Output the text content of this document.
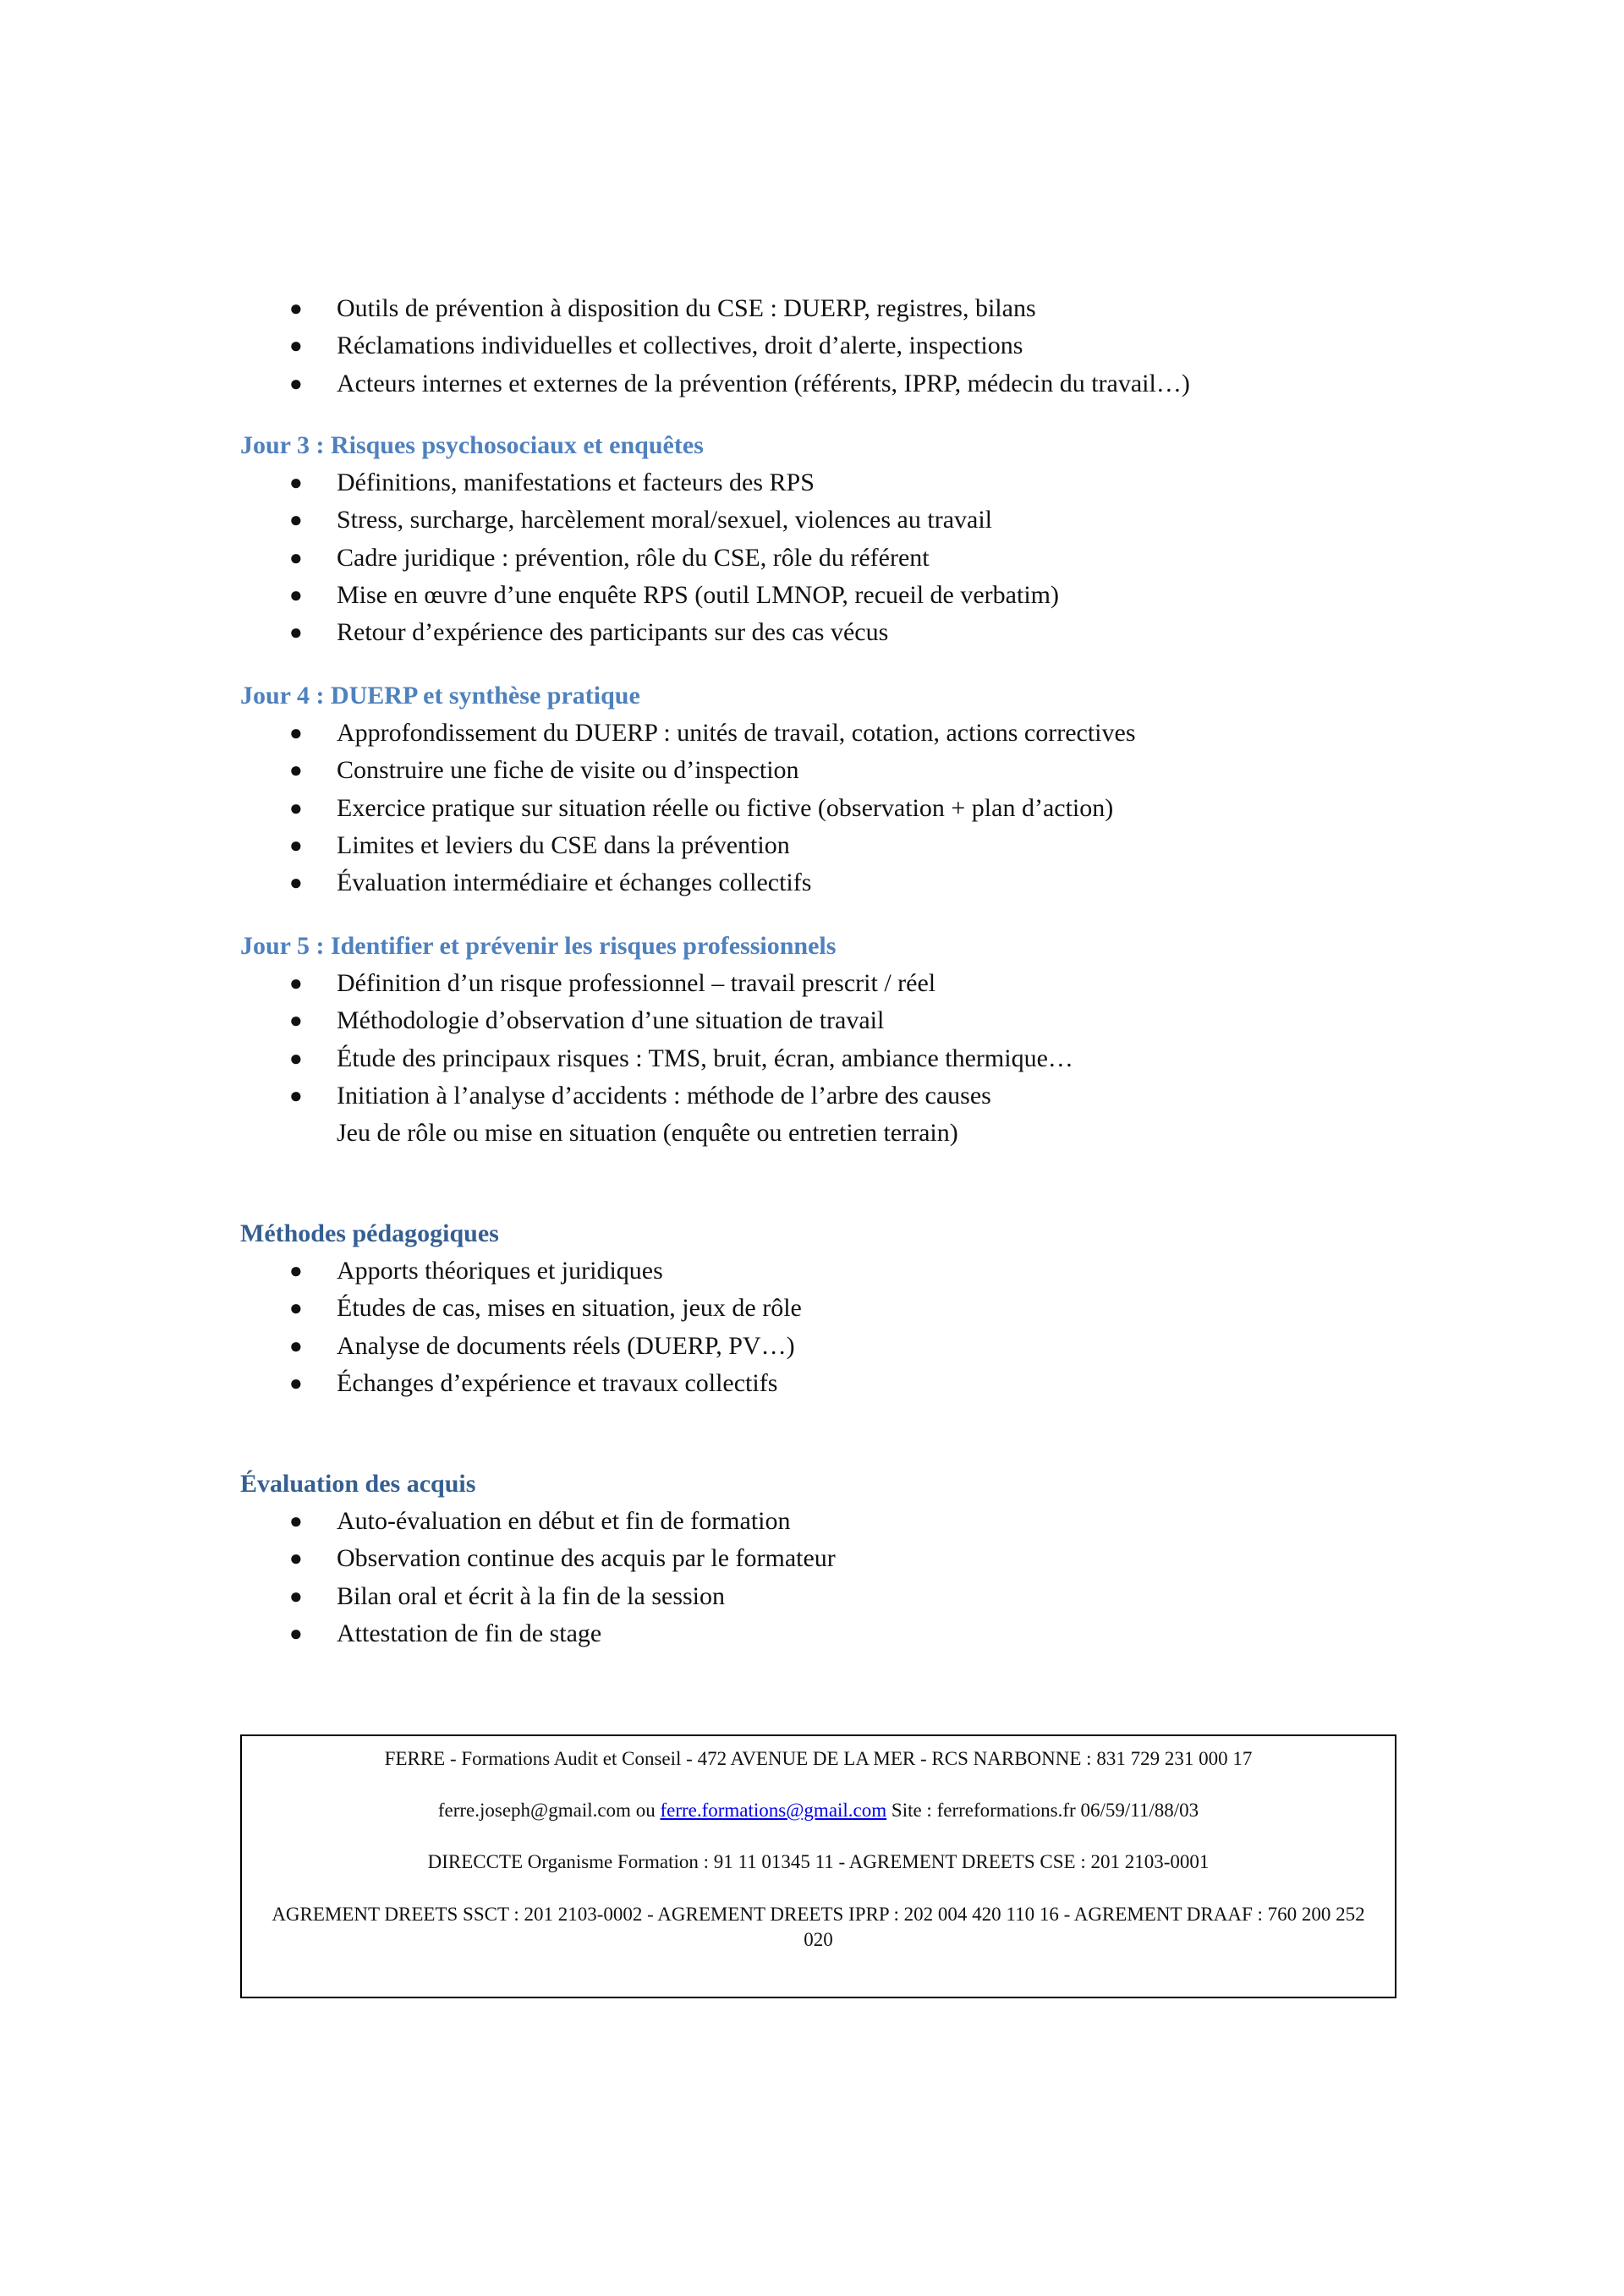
● Outils de prévention à disposition du CSE : DUERP, registres, bilans
● Réclamations individuelles et collectives, droit d’alerte, inspections
● Acteurs internes et externes de la prévention (référents, IPRP, médecin du travail…)
Jour 3 : Risques psychosociaux et enquêtes
● Définitions, manifestations et facteurs des RPS
● Stress, surcharge, harcèlement moral/sexuel, violences au travail
● Cadre juridique : prévention, rôle du CSE, rôle du référent
● Mise en œuvre d’une enquête RPS (outil LMNOP, recueil de verbatim)
● Retour d’expérience des participants sur des cas vécus
Jour 4 : DUERP et synthèse pratique
● Approfondissement du DUERP : unités de travail, cotation, actions correctives
● Construire une fiche de visite ou d’inspection
● Exercice pratique sur situation réelle ou fictive (observation + plan d’action)
● Limites et leviers du CSE dans la prévention
● Évaluation intermédiaire et échanges collectifs
Jour 5 : Identifier et prévenir les risques professionnels
● Définition d’un risque professionnel – travail prescrit / réel
● Méthodologie d’observation d’une situation de travail
● Étude des principaux risques : TMS, bruit, écran, ambiance thermique…
● Initiation à l’analyse d’accidents : méthode de l’arbre des causes
Jeu de rôle ou mise en situation (enquête ou entretien terrain)
Méthodes pédagogiques
● Apports théoriques et juridiques
● Études de cas, mises en situation, jeux de rôle
● Analyse de documents réels (DUERP, PV…)
● Échanges d’expérience et travaux collectifs
Évaluation des acquis
● Auto-évaluation en début et fin de formation
● Observation continue des acquis par le formateur
● Bilan oral et écrit à la fin de la session
● Attestation de fin de stage

FERRE - Formations Audit et Conseil - 472 AVENUE DE LA MER - RCS NARBONNE : 831 729 231 000 17

ferre.joseph@gmail.com ou ferre.formations@gmail.com Site : ferreformations.fr 06/59/11/88/03

DIRECCTE Organisme Formation : 91 11 01345 11 - AGREMENT DREETS CSE : 201 2103-0001

AGREMENT DREETS SSCT : 201 2103-0002 - AGREMENT DREETS IPRP : 202 004 420 110 16 - AGREMENT DRAAF : 760 200 252 020
